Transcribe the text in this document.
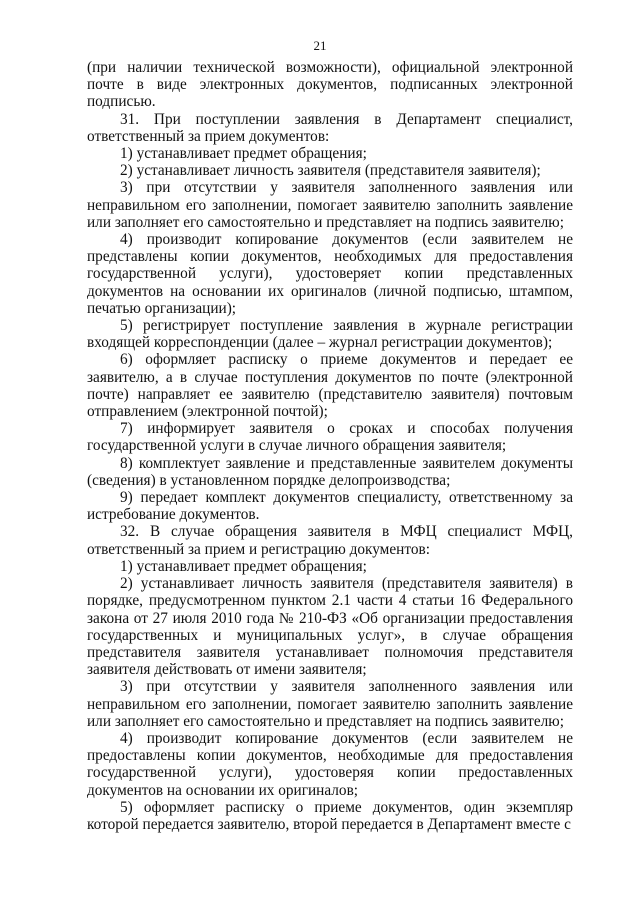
21

(при наличии технической возможности), официальной электронной почте в виде электронных документов, подписанных электронной подписью.

31. При поступлении заявления в Департамент специалист, ответственный за прием документов:

1) устанавливает предмет обращения;

2) устанавливает личность заявителя (представителя заявителя);

3) при отсутствии у заявителя заполненного заявления или неправильном его заполнении, помогает заявителю заполнить заявление или заполняет его самостоятельно и представляет на подпись заявителю;

4) производит копирование документов (если заявителем не представлены копии документов, необходимых для предоставления государственной услуги), удостоверяет копии представленных документов на основании их оригиналов (личной подписью, штампом, печатью организации);

5) регистрирует поступление заявления в журнале регистрации входящей корреспонденции (далее – журнал регистрации документов);

6) оформляет расписку о приеме документов и передает ее заявителю, а в случае поступления документов по почте (электронной почте) направляет ее заявителю (представителю заявителя) почтовым отправлением (электронной почтой);

7) информирует заявителя о сроках и способах получения государственной услуги в случае личного обращения заявителя;

8) комплектует заявление и представленные заявителем документы (сведения) в установленном порядке делопроизводства;

9) передает комплект документов специалисту, ответственному за истребование документов.

32. В случае обращения заявителя в МФЦ специалист МФЦ, ответственный за прием и регистрацию документов:

1) устанавливает предмет обращения;

2) устанавливает личность заявителя (представителя заявителя) в порядке, предусмотренном пунктом 2.1 части 4 статьи 16 Федерального закона от 27 июля 2010 года № 210-ФЗ «Об организации предоставления государственных и муниципальных услуг», в случае обращения представителя заявителя устанавливает полномочия представителя заявителя действовать от имени заявителя;

3) при отсутствии у заявителя заполненного заявления или неправильном его заполнении, помогает заявителю заполнить заявление или заполняет его самостоятельно и представляет на подпись заявителю;

4) производит копирование документов (если заявителем не предоставлены копии документов, необходимые для предоставления государственной услуги), удостоверяя копии предоставленных документов на основании их оригиналов;

5) оформляет расписку о приеме документов, один экземпляр которой передается заявителю, второй передается в Департамент вместе с
